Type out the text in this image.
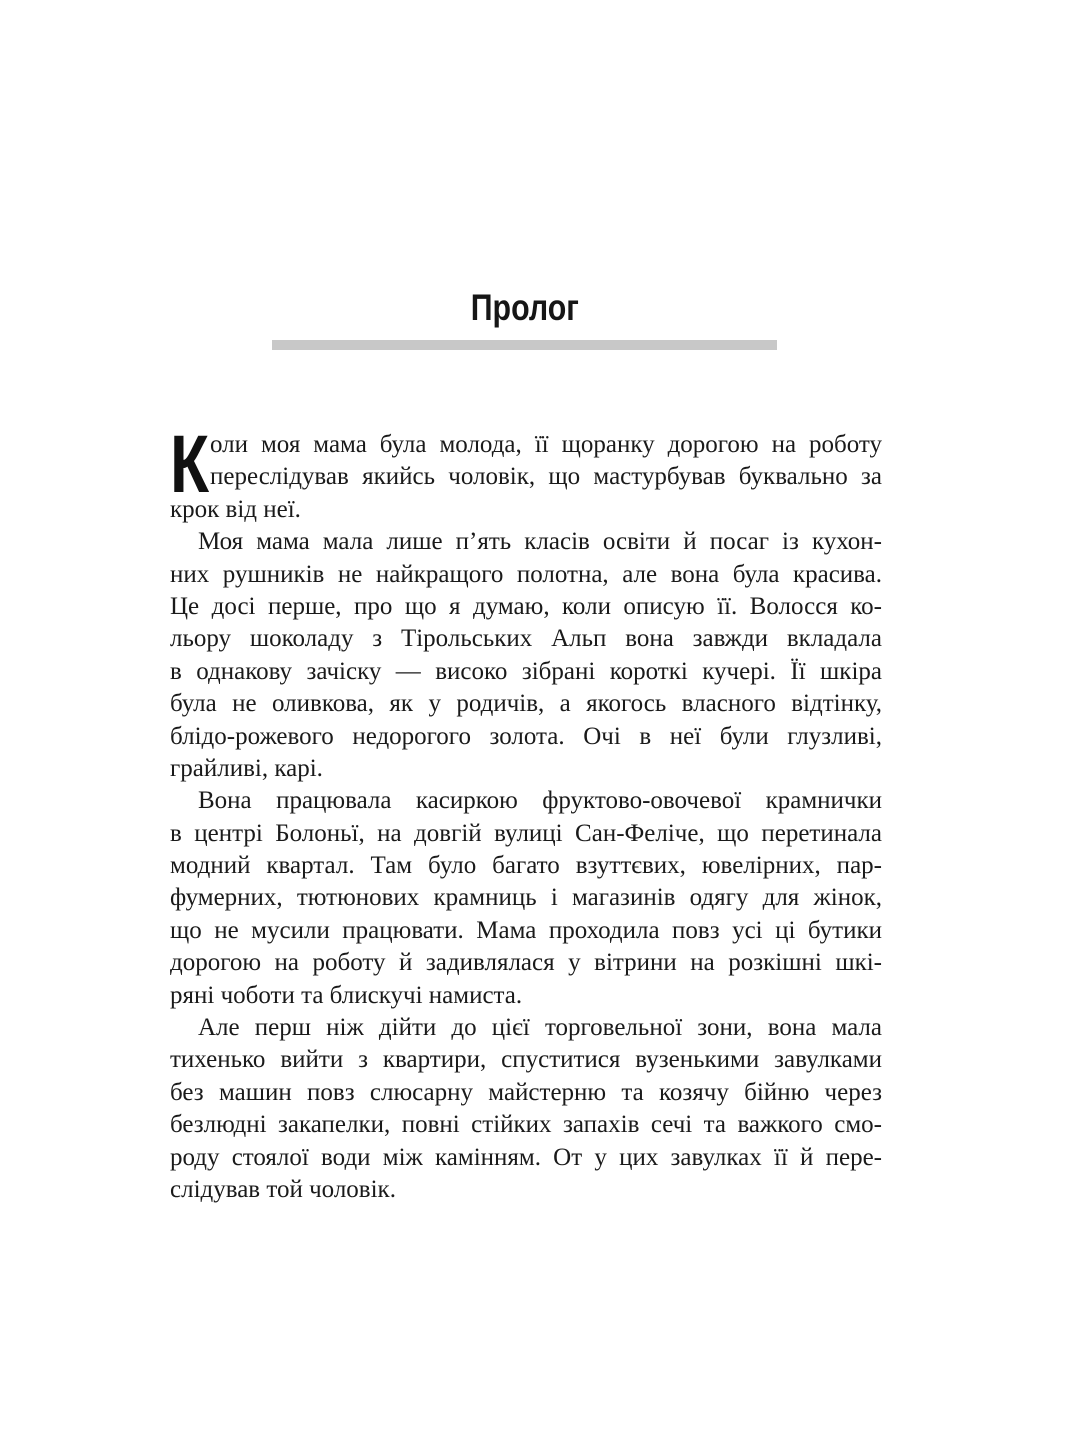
Пролог
К оли моя мама була молода, її щоранку дорогою на роботу
переслідував якийсь чоловік, що мастурбував буквально за
крок від неї.
Моя мама мала лише п’ять класів освіти й посаг із кухон-
них рушників не найкращого полотна, але вона була красива.
Це досі перше, про що я думаю, коли описую її. Волосся ко-
льору шоколаду з Тірольських Альп вона завжди вкладала
в однакову зачіску — високо зібрані короткі кучері. Її шкіра
була не оливкова, як у родичів, а якогось власного відтінку,
блідо-рожевого недорогого золота. Очі в неї були глузливі,
грайливі, карі.
Вона працювала касиркою фруктово-овочевої крамнички
в центрі Болоньї, на довгій вулиці Сан-Феліче, що перетинала
модний квартал. Там було багато взуттєвих, ювелірних, пар-
фумерних, тютюнових крамниць і магазинів одягу для жінок,
що не мусили працювати. Мама проходила повз усі ці бутики
дорогою на роботу й задивлялася у вітрини на розкішні шкі-
ряні чоботи та блискучі намиста.
Але перш ніж дійти до цієї торговельної зони, вона мала
тихенько вийти з квартири, спуститися вузенькими завулками
без машин повз слюсарну майстерню та козячу бійню через
безлюдні закапелки, повні стійких запахів сечі та важкого смо-
роду стоялої води між камінням. От у цих завулках її й пере-
слідував той чоловік.
